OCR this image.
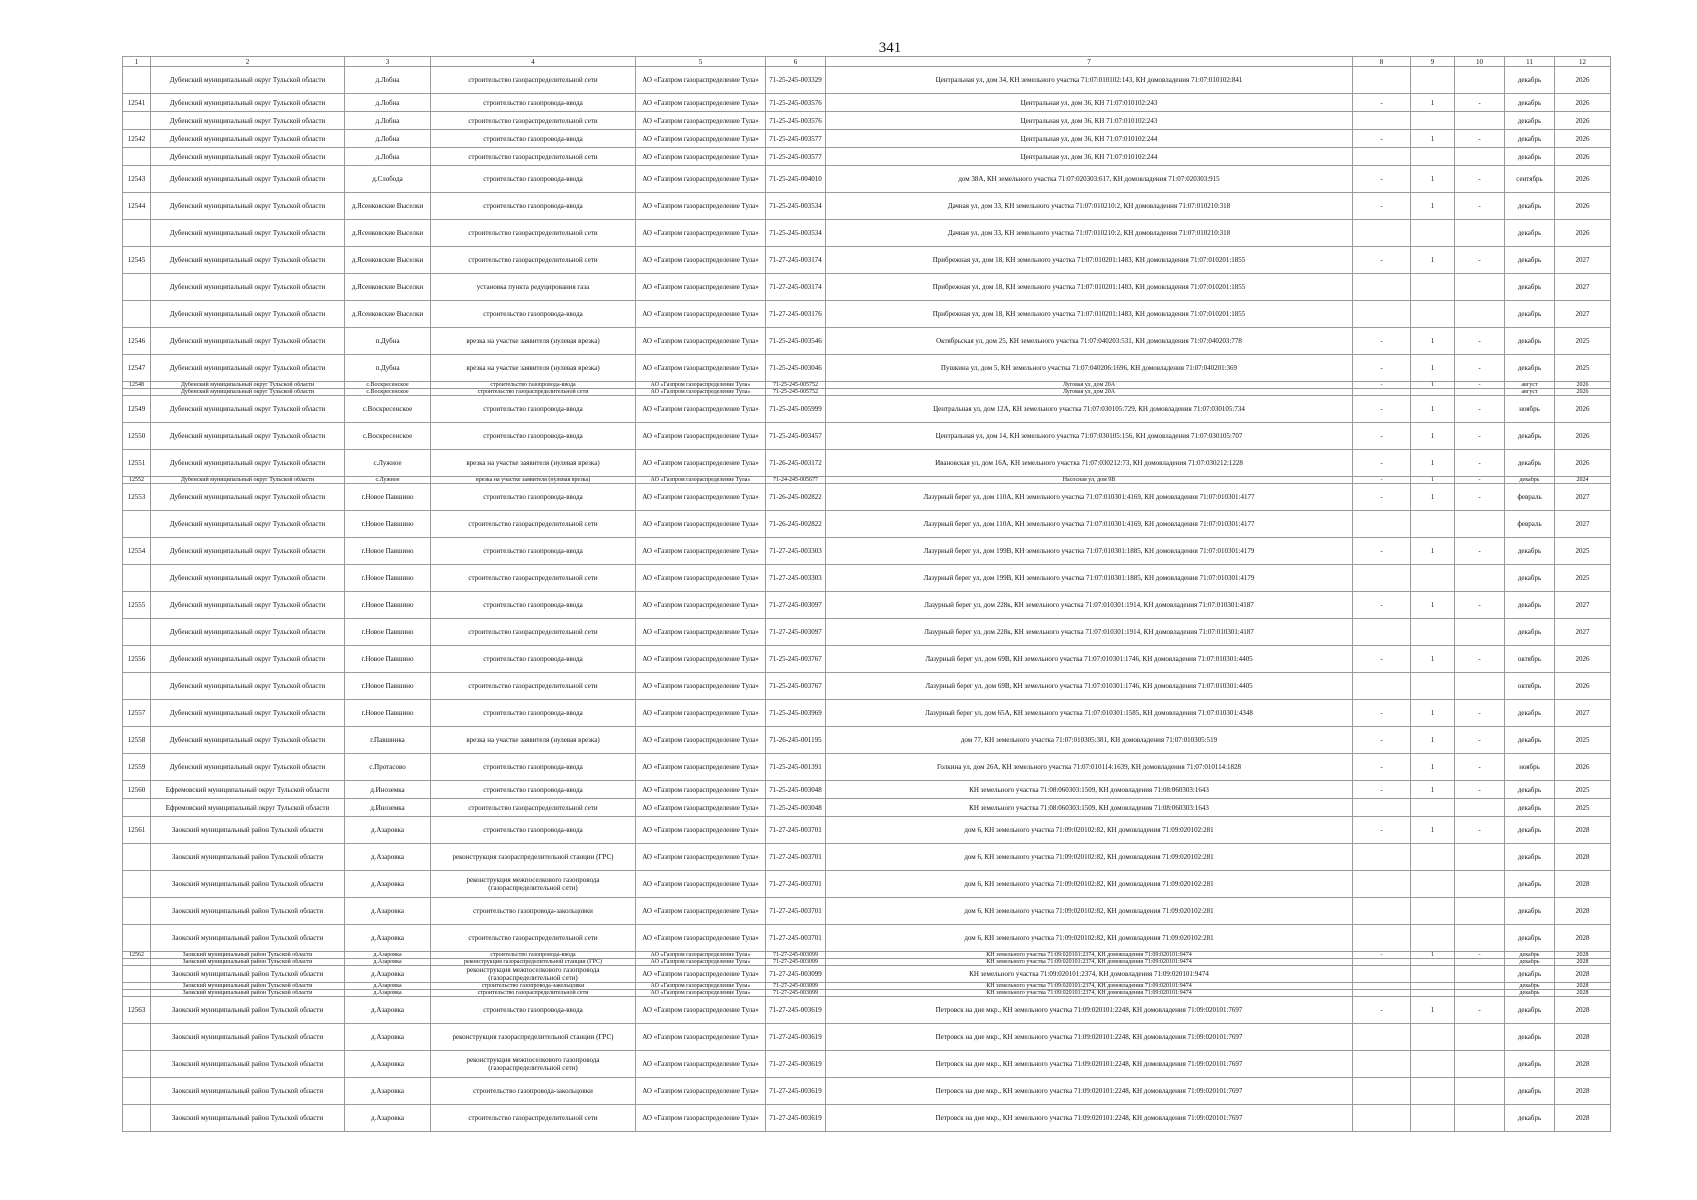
341
1	2	3	4	5	6	7	8	9	10	11	12
	Дубенский муниципальный округ Тульской области	д.Лобна	строительство газораспределительной сети	АО «Газпром газораспределение Тула»	71-25-245-003329	Центральная ул, дом 34, КН земельного участка 71:07:010102:143, КН домовладения 71:07:010102:841				декабрь	2026
12541	Дубенский муниципальный округ Тульской области	д.Лобна	строительство газопровода-ввода	АО «Газпром газораспределение Тула»	71-25-245-003576	Центральная ул, дом 36, КН 71:07:010102:243	-	1	-	декабрь	2026
	Дубенский муниципальный округ Тульской области	д.Лобна	строительство газораспределительной сети	АО «Газпром газораспределение Тула»	71-25-245-003576	Центральная ул, дом 36, КН 71:07:010102:243				декабрь	2026
12542	Дубенский муниципальный округ Тульской области	д.Лобна	строительство газопровода-ввода	АО «Газпром газораспределение Тула»	71-25-245-003577	Центральная ул, дом 36, КН 71:07:010102:244	-	1	-	декабрь	2026
	Дубенский муниципальный округ Тульской области	д.Лобна	строительство газораспределительной сети	АО «Газпром газораспределение Тула»	71-25-245-003577	Центральная ул, дом 36, КН 71:07:010102:244				декабрь	2026
12543	Дубенский муниципальный округ Тульской области	д.Слобода	строительство газопровода-ввода	АО «Газпром газораспределение Тула»	71-25-245-004010	дом 38А, КН земельного участка 71:07:020303:617, КН домовладения 71:07:020303:915	-	1	-	сентябрь	2026
12544	Дубенский муниципальный округ Тульской области	д.Ясенковские Выселки	строительство газопровода-ввода	АО «Газпром газораспределение Тула»	71-25-245-003534	Дачная ул, дом 33, КН земельного участка 71:07:010210:2, КН домовладения 71:07:010210:318	-	1	-	декабрь	2026
	Дубенский муниципальный округ Тульской области	д.Ясенковские Выселки	строительство газораспределительной сети	АО «Газпром газораспределение Тула»	71-25-245-003534	Дачная ул, дом 33, КН земельного участка 71:07:010210:2, КН домовладения 71:07:010210:318				декабрь	2026
12545	Дубенский муниципальный округ Тульской области	д.Ясенковские Выселки	строительство газораспределительной сети	АО «Газпром газораспределение Тула»	71-27-245-003174	Прибрежная ул, дом 18, КН земельного участка 71:07:010201:1483, КН домовладения 71:07:010201:1855	-	1	-	декабрь	2027
	Дубенский муниципальный округ Тульской области	д.Ясенковские Выселки	установка пункта редуцирования газа	АО «Газпром газораспределение Тула»	71-27-245-003174	Прибрежная ул, дом 18, КН земельного участка 71:07:010201:1483, КН домовладения 71:07:010201:1855				декабрь	2027
	Дубенский муниципальный округ Тульской области	д.Ясенковские Выселки	строительство газопровода-ввода	АО «Газпром газораспределение Тула»	71-27-245-003176	Прибрежная ул, дом 18, КН земельного участка 71:07:010201:1483, КН домовладения 71:07:010201:1855				декабрь	2027
12546	Дубенский муниципальный округ Тульской области	п.Дубна	врезка на участке заявителя (нулевая врезка)	АО «Газпром газораспределение Тула»	71-25-245-003546	Октябрьская ул, дом 25, КН земельного участка 71:07:040203:531, КН домовладения 71:07:040203:778	-	1	-	декабрь	2025
12547	Дубенский муниципальный округ Тульской области	п.Дубна	врезка на участке заявителя (нулевая врезка)	АО «Газпром газораспределение Тула»	71-25-245-003046	Пушкина ул, дом 5, КН земельного участка 71:07:040206:1696, КН домовладения 71:07:040201:369	-	1	-	декабрь	2025
12548	Дубенский муниципальный округ Тульской области	с.Воскресенское	строительство газопровода-ввода	АО «Газпром газораспределение Тула»	71-25-245-005752	Луговая ул, дом 20А	-	1	-	август	2026
	Дубенский муниципальный округ Тульской области	с.Воскресенское	строительство газораспределительной сети	АО «Газпром газораспределение Тула»	71-25-245-005752	Луговая ул, дом 20А				август	2026
12549	Дубенский муниципальный округ Тульской области	с.Воскресенское	строительство газопровода-ввода	АО «Газпром газораспределение Тула»	71-25-245-005999	Центральная ул, дом 12А, КН земельного участка 71:07:030105:729, КН домовладения 71:07:030105:734	-	1	-	ноябрь	2026
12550	Дубенский муниципальный округ Тульской области	с.Воскресенское	строительство газопровода-ввода	АО «Газпром газораспределение Тула»	71-25-245-003457	Центральная ул, дом 14, КН земельного участка 71:07:030105:156, КН домовладения 71:07:030105:707	-	1	-	декабрь	2026
12551	Дубенский муниципальный округ Тульской области	с.Лужное	врезка на участке заявителя (нулевая врезка)	АО «Газпром газораспределение Тула»	71-26-245-003172	Ивановская ул, дом 16А, КН земельного участка 71:07:030212:73, КН домовладения 71:07:030212:1228	-	1	-	декабрь	2026
12552	Дубенский муниципальный округ Тульской области	с.Лужное	врезка на участке заявителя (нулевая врезка)	АО «Газпром газораспределение Тула»	71-24-245-005677	Насосная ул, дом 9В	-	1	-	декабрь	2024
12553	Дубенский муниципальный округ Тульской области	г.Новое Павшино	строительство газопровода-ввода	АО «Газпром газораспределение Тула»	71-26-245-002822	Лазурный берег ул, дом 110А, КН земельного участка 71:07:010301:4169, КН домовладения 71:07:010301:4177	-	1	-	февраль	2027
	Дубенский муниципальный округ Тульской области	г.Новое Павшино	строительство газораспределительной сети	АО «Газпром газораспределение Тула»	71-26-245-002822	Лазурный берег ул, дом 110А, КН земельного участка 71:07:010301:4169, КН домовладения 71:07:010301:4177				февраль	2027
12554	Дубенский муниципальный округ Тульской области	г.Новое Павшино	строительство газопровода-ввода	АО «Газпром газораспределение Тула»	71-27-245-003303	Лазурный берег ул, дом 199В, КН земельного участка 71:07:010301:1885, КН домовладения 71:07:010301:4179	-	1	-	декабрь	2025
	Дубенский муниципальный округ Тульской области	г.Новое Павшино	строительство газораспределительной сети	АО «Газпром газораспределение Тула»	71-27-245-003303	Лазурный берег ул, дом 199В, КН земельного участка 71:07:010301:1885, КН домовладения 71:07:010301:4179				декабрь	2025
12555	Дубенский муниципальный округ Тульской области	г.Новое Павшино	строительство газопровода-ввода	АО «Газпром газораспределение Тула»	71-27-245-003097	Лазурный берег ул, дом 228к, КН земельного участка 71:07:010301:1914, КН домовладения 71:07:010301:4187	-	1	-	декабрь	2027
	Дубенский муниципальный округ Тульской области	г.Новое Павшино	строительство газораспределительной сети	АО «Газпром газораспределение Тула»	71-27-245-003097	Лазурный берег ул, дом 228к, КН земельного участка 71:07:010301:1914, КН домовладения 71:07:010301:4187				декабрь	2027
12556	Дубенский муниципальный округ Тульской области	г.Новое Павшино	строительство газопровода-ввода	АО «Газпром газораспределение Тула»	71-25-245-003767	Лазурный берег ул, дом 69В, КН земельного участка 71:07:010301:1746, КН домовладения 71:07:010301:4405	-	1	-	октябрь	2026
	Дубенский муниципальный округ Тульской области	г.Новое Павшино	строительство газораспределительной сети	АО «Газпром газораспределение Тула»	71-25-245-003767	Лазурный берег ул, дом 69В, КН земельного участка 71:07:010301:1746, КН домовладения 71:07:010301:4405				октябрь	2026
12557	Дубенский муниципальный округ Тульской области	г.Новое Павшино	строительство газопровода-ввода	АО «Газпром газораспределение Тула»	71-25-245-003969	Лазурный берег ул, дом 65А, КН земельного участка 71:07:010301:1585, КН домовладения 71:07:010301:4348	-	1	-	декабрь	2027
12558	Дубенский муниципальный округ Тульской области	г.Павшинка	врезка на участке заявителя (нулевая врезка)	АО «Газпром газораспределение Тула»	71-26-245-001195	дом 77, КН земельного участка 71:07:010305:381, КН домовладения 71:07:010305:519	-	1	-	декабрь	2025
12559	Дубенский муниципальный округ Тульской области	с.Протасово	строительство газопровода-ввода	АО «Газпром газораспределение Тула»	71-25-245-001391	Голкина ул, дом 26А, КН земельного участка 71:07:010114:1639, КН домовладения 71:07:010114:1828	-	1	-	ноябрь	2026
12560	Ефремовский муниципальный округ Тульской области	д.Иноземка	строительство газопровода-ввода	АО «Газпром газораспределение Тула»	71-25-245-003048	КН земельного участка 71:08:060303:1509, КН домовладения 71:08:060303:1643	-	1	-	декабрь	2025
	Ефремовский муниципальный округ Тульской области	д.Иноземка	строительство газораспределительной сети	АО «Газпром газораспределение Тула»	71-25-245-003048	КН земельного участка 71:08:060303:1509, КН домовладения 71:08:060303:1643				декабрь	2025
12561	Заокский муниципальный район Тульской области	д.Азаровка	строительство газопровода-ввода	АО «Газпром газораспределение Тула»	71-27-245-003701	дом 6, КН земельного участка 71:09:020102:82, КН домовладения 71:09:020102:281	-	1	-	декабрь	2028
	Заокский муниципальный район Тульской области	д.Азаровка	реконструкция газораспределительной станции (ГРС)	АО «Газпром газораспределение Тула»	71-27-245-003701	дом 6, КН земельного участка 71:09:020102:82, КН домовладения 71:09:020102:281				декабрь	2028
	Заокский муниципальный район Тульской области	д.Азаровка	реконструкция межпоселкового газопровода (газораспределительной сети)	АО «Газпром газораспределение Тула»	71-27-245-003701	дом 6, КН земельного участка 71:09:020102:82, КН домовладения 71:09:020102:281				декабрь	2028
	Заокский муниципальный район Тульской области	д.Азаровка	строительство газопровода-закольцовки	АО «Газпром газораспределение Тула»	71-27-245-003701	дом 6, КН земельного участка 71:09:020102:82, КН домовладения 71:09:020102:281				декабрь	2028
	Заокский муниципальный район Тульской области	д.Азаровка	строительство газораспределительной сети	АО «Газпром газораспределение Тула»	71-27-245-003701	дом 6, КН земельного участка 71:09:020102:82, КН домовладения 71:09:020102:281				декабрь	2028
12562	Заокский муниципальный район Тульской области	д.Азаровка	строительство газопровода-ввода	АО «Газпром газораспределение Тула»	71-27-245-003099	КН земельного участка 71:09:020101:2374, КН домовладения 71:09:020101:9474	-	1	-	декабрь	2028
	Заокский муниципальный район Тульской области	д.Азаровка	реконструкция газораспределительной станции (ГРС)	АО «Газпром газораспределение Тула»	71-27-245-003099	КН земельного участка 71:09:020101:2374, КН домовладения 71:09:020101:9474				декабрь	2028
	Заокский муниципальный район Тульской области	д.Азаровка	реконструкция межпоселкового газопровода (газораспределительной сети)	АО «Газпром газораспределение Тула»	71-27-245-003099	КН земельного участка 71:09:020101:2374, КН домовладения 71:09:020101:9474				декабрь	2028
	Заокский муниципальный район Тульской области	д.Азаровка	строительство газопровода-закольцовки	АО «Газпром газораспределение Тула»	71-27-245-003099	КН земельного участка 71:09:020101:2374, КН домовладения 71:09:020101:9474				декабрь	2028
	Заокский муниципальный район Тульской области	д.Азаровка	строительство газораспределительной сети	АО «Газпром газораспределение Тула»	71-27-245-003099	КН земельного участка 71:09:020101:2374, КН домовладения 71:09:020101:9474				декабрь	2028
12563	Заокский муниципальный район Тульской области	д.Азаровка	строительство газопровода-ввода	АО «Газпром газораспределение Тула»	71-27-245-003619	Петровск на дне мкр., КН земельного участка 71:09:020101:2248, КН домовладения 71:09:020101:7697	-	1	-	декабрь	2028
	Заокский муниципальный район Тульской области	д.Азаровка	реконструкция газораспределительной станции (ГРС)	АО «Газпром газораспределение Тула»	71-27-245-003619	Петровск на дне мкр., КН земельного участка 71:09:020101:2248, КН домовладения 71:09:020101:7697				декабрь	2028
	Заокский муниципальный район Тульской области	д.Азаровка	реконструкция межпоселкового газопровода (газораспределительной сети)	АО «Газпром газораспределение Тула»	71-27-245-003619	Петровск на дне мкр., КН земельного участка 71:09:020101:2248, КН домовладения 71:09:020101:7697				декабрь	2028
	Заокский муниципальный район Тульской области	д.Азаровка	строительство газопровода-закольцовки	АО «Газпром газораспределение Тула»	71-27-245-003619	Петровск на дне мкр., КН земельного участка 71:09:020101:2248, КН домовладения 71:09:020101:7697				декабрь	2028
	Заокский муниципальный район Тульской области	д.Азаровка	строительство газораспределительной сети	АО «Газпром газораспределение Тула»	71-27-245-003619	Петровск на дне мкр., КН земельного участка 71:09:020101:2248, КН домовладения 71:09:020101:7697				декабрь	2028
